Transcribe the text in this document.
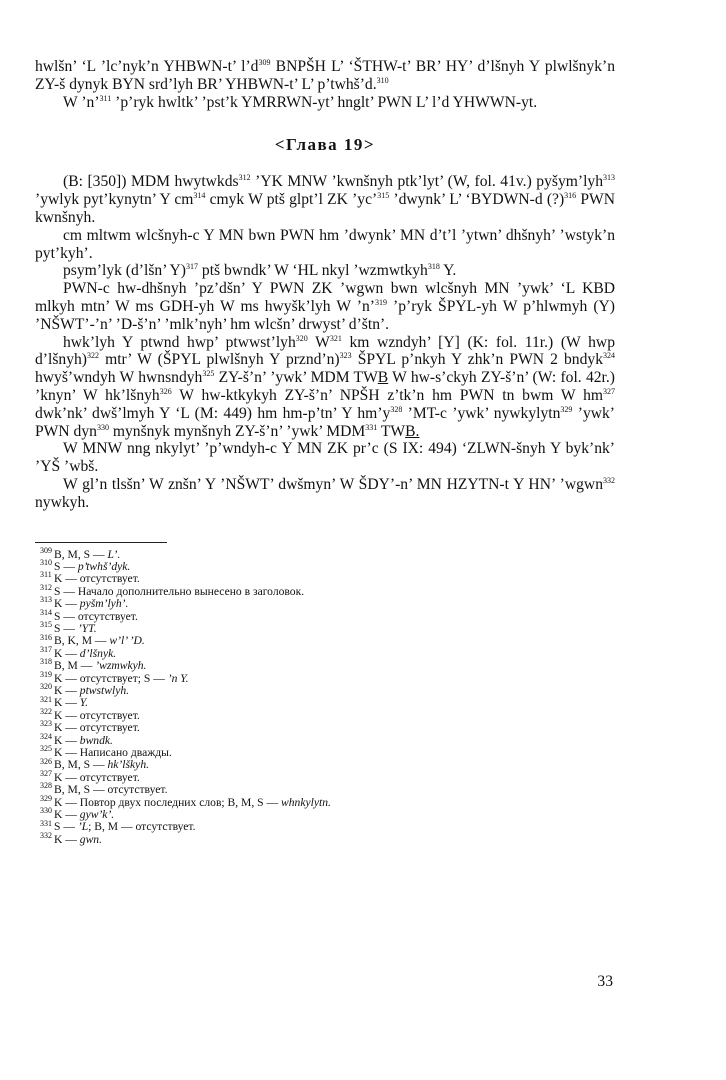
hwlšn’ ‘L ’lc’nyk’n YHBWN-t’ $l’d^{309}$ BNPŠH L’ ‘ŠTHW-t’ BR’ HY’ d’lšnyh Y plwlšnyk’n ZY-š dynyk BYN srd’lyh BR’ YHBWN-t’ L’ p’twhš’d.$^{310}$

W ’n’$^{311}$ ’p’ryk hwltk’ ’pst’k YMRRWN-yt’ hnglt’ PWN L’ l’d YHWWN-yt.

<Глава 19>

(B: [350]) MDM hwytwkds$^{312}$ ’YK MNW ’kwnšnyh ptk’lyt’ (W, fol. 41v.) pyšym’lyh$^{313}$ ’ywlyk pyt’kynytn’ Y $cm^{314}$ cmyk W ptš glpt’l ZK ’yc’$^{315}$ ’dwynk’ L’ ‘BYDWN-d (?)$^{316}$ PWN kwnšnyh.

cm mltwm wlcšnyh-c Y MN bwn PWN hm ’dwynk’ MN d’t’l ’ytwn’ dhšnyh’ ’wstyk’n pyt’kyh’.

psym’lyk (d’lšn’ Y)$^{317}$ ptš bwndk’ W ‘HL nkyl ’wzmwtkyh$^{318}$ Y.

PWN-c hw-dhšnyh ’pz’dšn’ Y PWN ZK ’wgwn bwn wlcšnyh MN ’ywk’ ‘L KBD mlkyh mtn’ W ms GDH-yh W ms hwyšk’lyh W ’n’$^{319}$ ’p’ryk ŠPYL-yh W p’hlwmyh (Y) ’NŠWT’-’n’ ’D-š’n’ ’mlk’nyh’ hm wlcšn’ drwyst’ d’štn’.

hwk’lyh Y ptwnd hwp’ ptwwst’lyh$^{320}$ $W^{321}$ km wzndyh’ [Y] (K: fol. 11r.) (W hwp d’lšnyh)$^{322}$ mtr’ W (ŠPYL plwlšnyh Y prznd’n)$^{323}$ ŠPYL p’nkyh Y zhk’n PWN 2 bndyk$^{324}$ hwyš’wndyh W hwnsndyh$^{325}$ ZY-š’n’ ’ywk’ MDM TWB W hw-s’ckyh ZY-š’n’ (W: fol. 42r.) ’knyn’ W hk’lšnyh$^{326}$ W hw-ktkykyh ZY-š’n’ NPŠH z’tk’n hm PWN tn bwm W $hm^{327}$ dwk’nk’ dwš’lmyh Y ‘L (M: 449) hm hm-p’tn’ Y $hm’y^{328}$ ’MT-c ’ywk’ nywkylytn$^{329}$ ’ywk’ PWN dyn$^{330}$ mynšnyk mynšnyh ZY-š’n’ ’ywk’ MDM$^{331}$ TWB.

W MNW nng nkylyt’ ’p’wndyh-c Y MN ZK pr’c (S IX: 494) ‘ZLWN-šnyh Y byk’nk’ ’YŠ ’wbš.

W gl’n tlsšn’ W znšn’ Y ’NŠWT’ dwšmyn’ W ŠDY’-n’ MN HZYTN-t Y HN’ ’wgwn$^{332}$ nywkyh.

309 B, M, S — L’.
310 S — p’twhš’dyk.
311 K — отсутствует.
312 S — Начало дополнительно вынесено в заголовок.
313 K — pyšm’lyh’.
314 S — отсутствует.
315 S — ’YT.
316 B, K, M — w’l’ ’D.
317 K — d’lšnyk.
318 B, M — ’wzmwkyh.
319 K — отсутствует; S — ’n Y.
320 K — ptwstwlyh.
321 K — Y.
322 K — отсутствует.
323 K — отсутствует.
324 K — bwndk.
325 K — Написано дважды.
326 B, M, S — hk’lškyh.
327 K — отсутствует.
328 B, M, S — отсутствует.
329 K — Повтор двух последних слов; B, M, S — whnkylytn.
330 K — gyw’k’.
331 S — ’L; B, M — отсутствует.
332 K — gwn.
33
